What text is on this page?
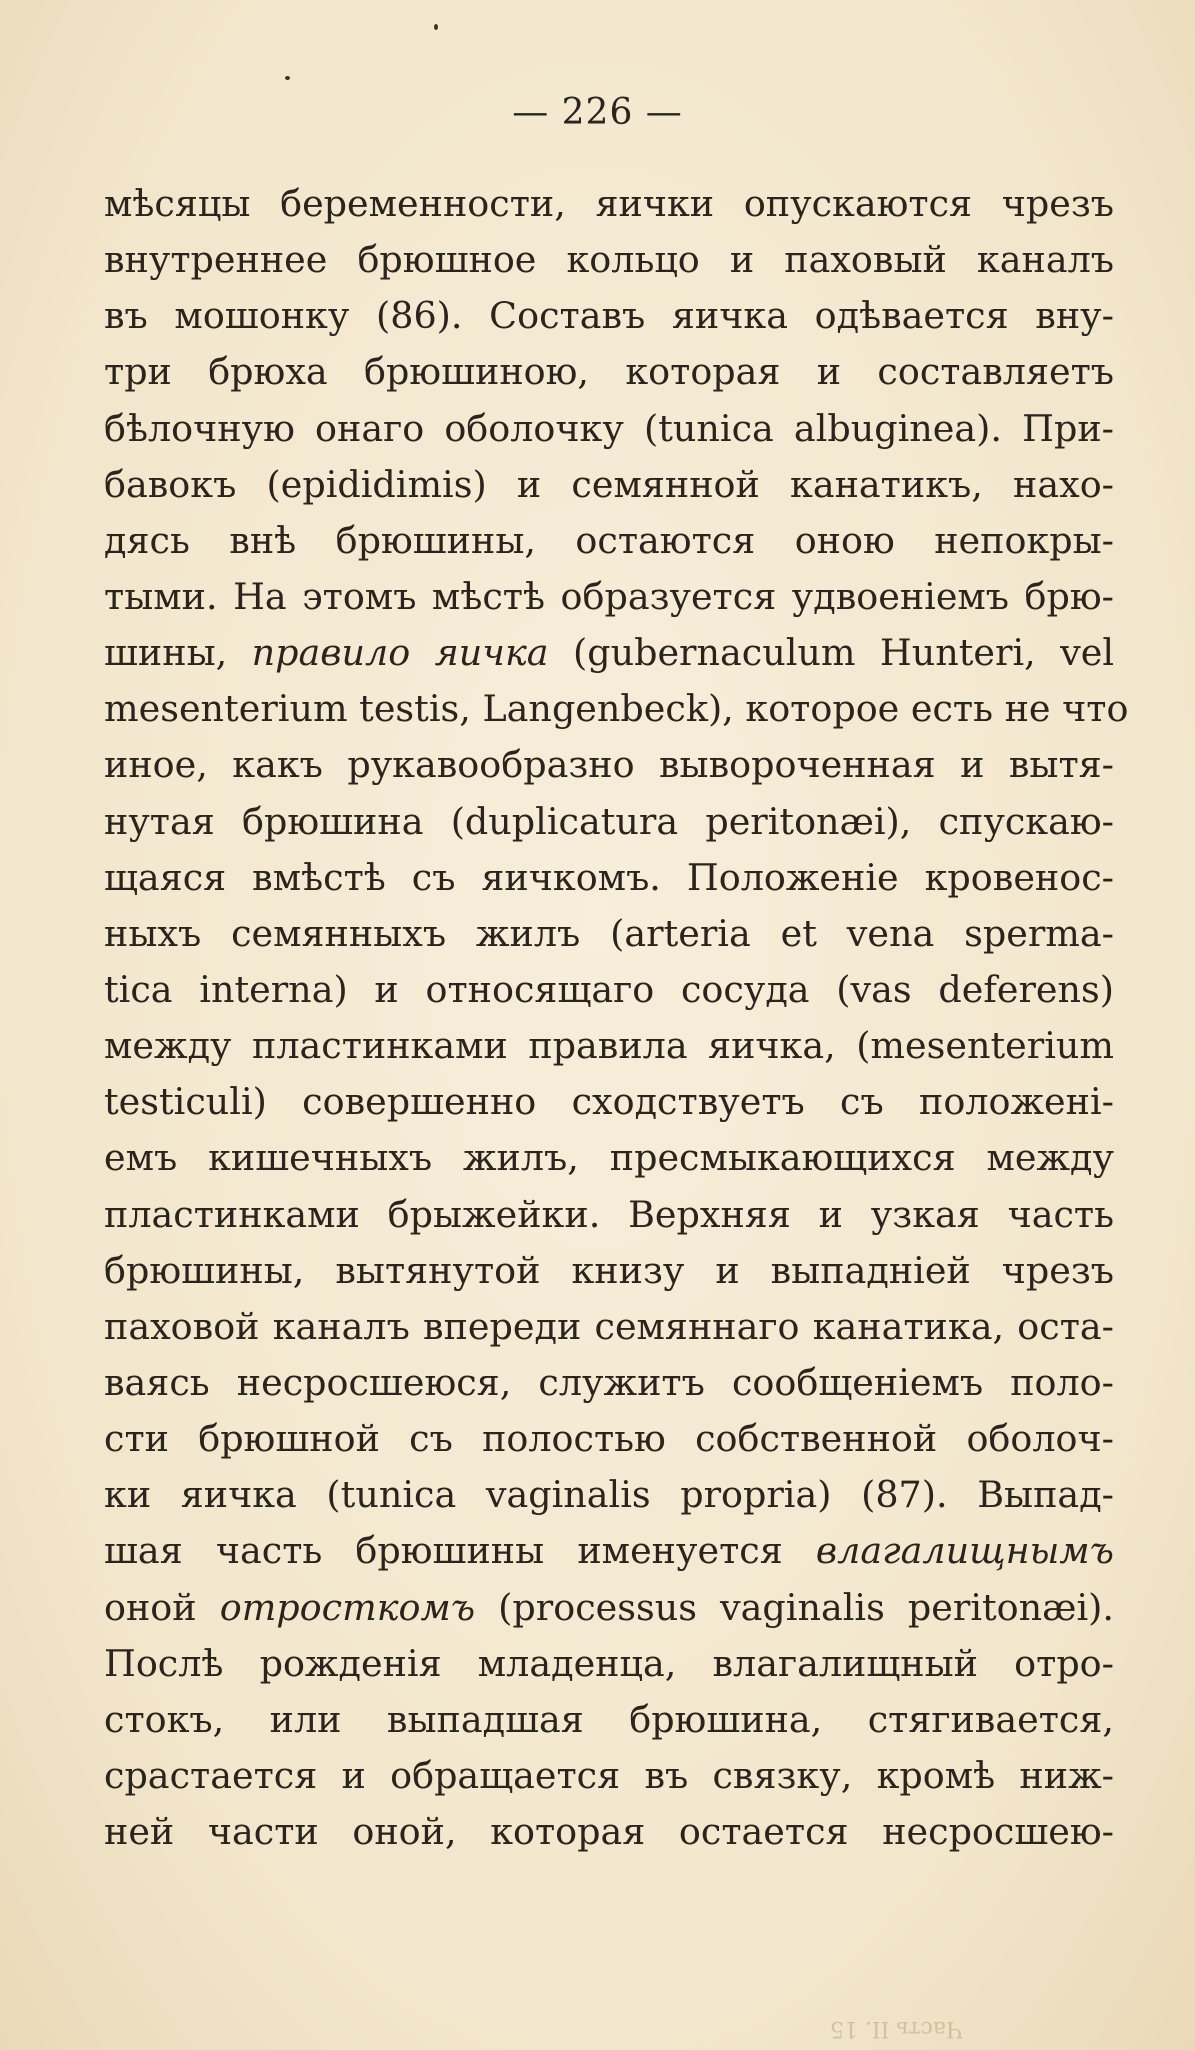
— 226 —
мѣсяцы беременности, яички опускаются чрезъ
внутреннее брюшное кольцо и паховый каналъ
въ мошонку (86). Составъ яичка одѣвается вну-
три брюха брюшиною, которая и составляетъ
бѣлочную онаго оболочку (tunica albuginea). При-
бавокъ (epididimis) и семянной канатикъ, нахо-
дясь внѣ брюшины, остаются оною непокры-
тыми. На этомъ мѣстѣ образуется удвоенiемъ брю-
шины, правило яичка (gubernaculum Hunteri, vel
mesenterium testis, Langenbeck), которое есть не что
иное, какъ рукавообразно вывороченная и вытя-
нутая брюшина (duplicatura peritonæi), спускаю-
щаяся вмѣстѣ съ яичкомъ. Положенiе кровенос-
ныхъ семянныхъ жилъ (arteria et vena sperma-
tica interna) и относящаго сосуда (vas deferens)
между пластинками правила яичка, (mesenterium
testiculi) совершенно сходствуетъ съ положенi-
емъ кишечныхъ жилъ, пресмыкающихся между
пластинками брыжейки. Верхняя и узкая часть
брюшины, вытянутой книзу и выпаднiей чрезъ
паховой каналъ впереди семяннаго канатика, оста-
ваясь несросшеюся, служитъ сообщенiемъ поло-
сти брюшной съ полостью собственной оболоч-
ки яичка (tunica vaginalis propria) (87). Выпад-
шая часть брюшины именуется влагалищнымъ
оной отросткомъ (processus vaginalis peritonæi).
Послѣ рожденiя младенца, влагалищный отро-
стокъ, или выпадшая брюшина, стягивается,
срастается и обращается въ связку, кромѣ ниж-
ней части оной, которая остается несросшею-
Часть II. 15
